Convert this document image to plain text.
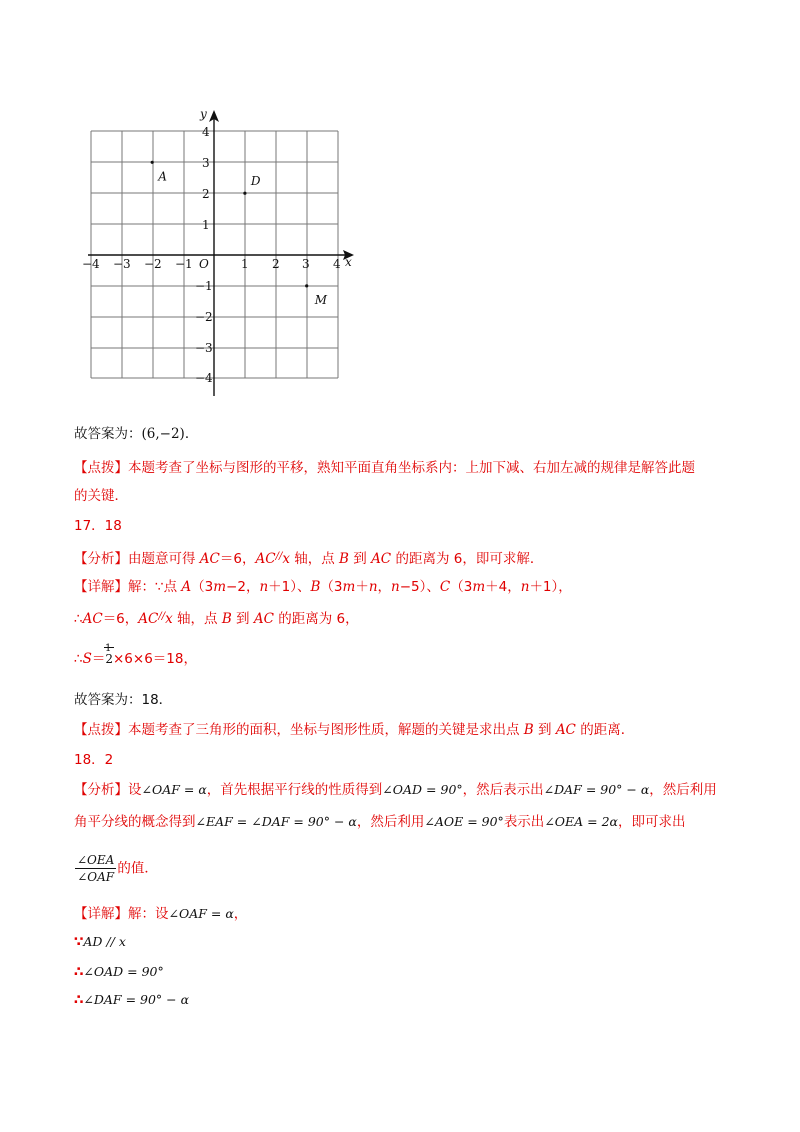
x
y
O
−4 −3 −2 −1	1 2 3 4
4
3
2
1
−1
−2
−3
−4
A	D
M
故答案为：(6,−2)．
【点拨】本题考查了坐标与图形的平移，熟知平面直角坐标系内：上加下减、右加左减的规律是解答此题
的关键．
17．18
【分析】由题意可得 AC＝6，AC//x 轴，点 B 到 AC 的距离为 6，即可求解．
【详解】解：∵点 A（3m−2，n＋1）、B（3m＋n，n−5）、C（3m＋4，n＋1），
∴AC＝6，AC//x 轴，点 B 到 AC 的距离为 6，
1
∴S＝2×6×6＝18，
故答案为：18．
【点拨】本题考查了三角形的面积，坐标与图形性质，解题的关键是求出点 B 到 AC 的距离．
18．2
【分析】设∠OAF = α，首先根据平行线的性质得到∠OAD = 90°，然后表示出∠DAF = 90° − α，然后利用
角平分线的概念得到∠EAF = ∠DAF = 90° − α，然后利用∠AOE = 90°表示出∠OEA = 2α，即可求出
$\frac{\text{∠OEA}}{\text{∠OAF}}$ 的值．
【详解】解：设∠OAF = α，
∵AD // x
∴∠OAD = 90°
∴∠DAF = 90° − α
